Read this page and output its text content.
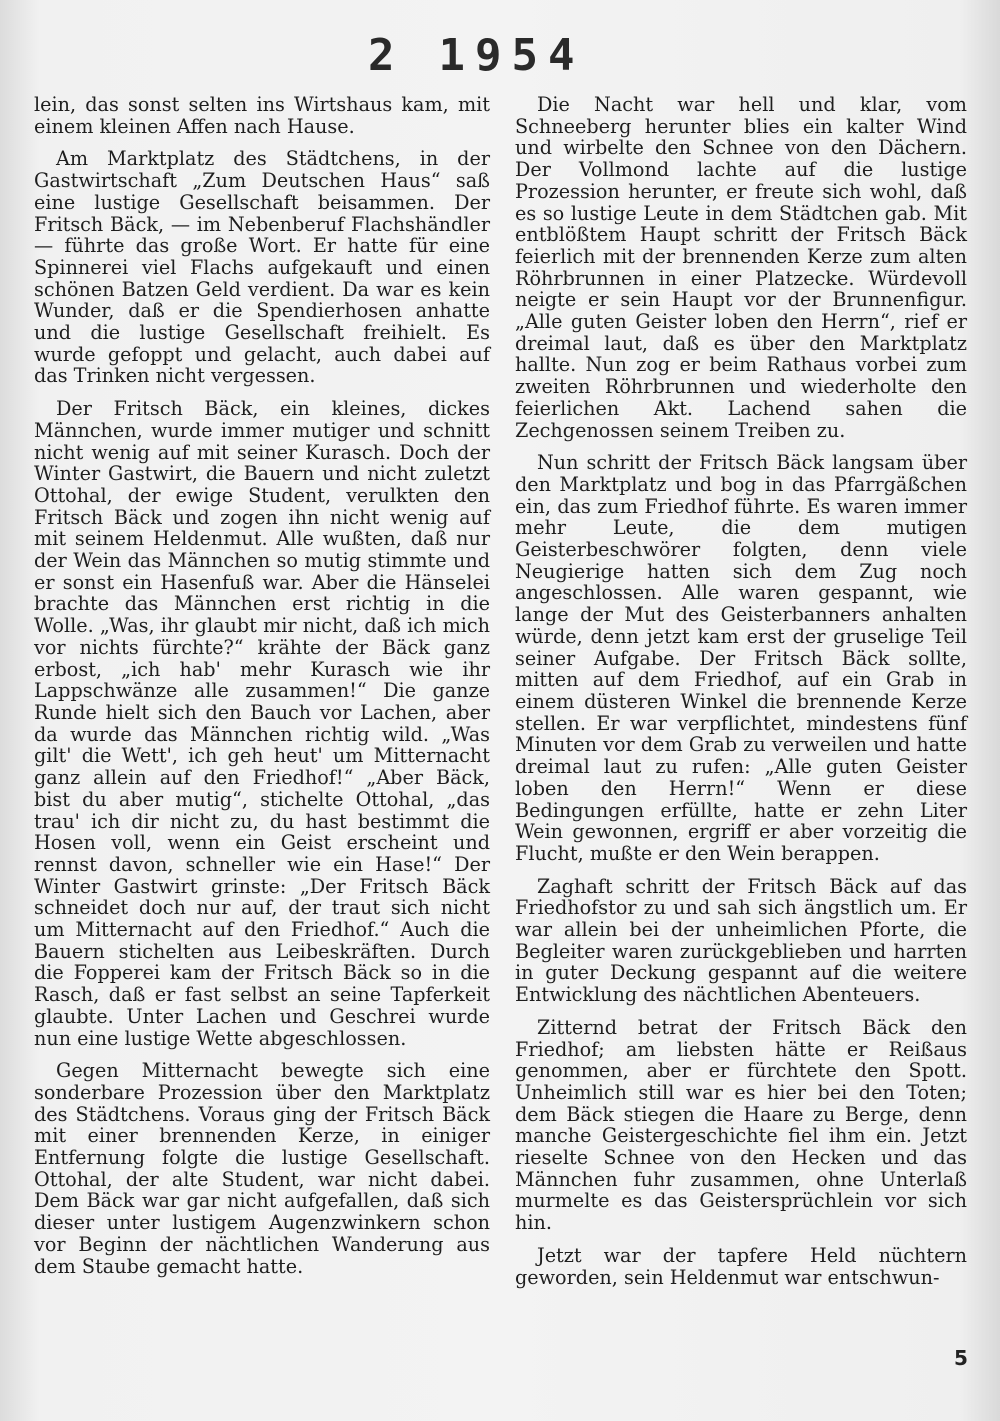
2 1954

lein, das sonst selten ins Wirtshaus kam, mit einem kleinen Affen nach Hause.

Am Marktplatz des Städtchens, in der Gastwirtschaft „Zum Deutschen Haus“ saß eine lustige Gesellschaft beisammen. Der Fritsch Bäck, — im Nebenberuf Flachshändler — führte das große Wort. Er hatte für eine Spinnerei viel Flachs aufgekauft und einen schönen Batzen Geld verdient. Da war es kein Wunder, daß er die Spendierhosen anhatte und die lustige Gesellschaft freihielt. Es wurde gefoppt und gelacht, auch dabei auf das Trinken nicht vergessen.

Der Fritsch Bäck, ein kleines, dickes Männchen, wurde immer mutiger und schnitt nicht wenig auf mit seiner Kurasch. Doch der Winter Gastwirt, die Bauern und nicht zuletzt Ottohal, der ewige Student, verulkten den Fritsch Bäck und zogen ihn nicht wenig auf mit seinem Heldenmut. Alle wußten, daß nur der Wein das Männchen so mutig stimmte und er sonst ein Hasenfuß war. Aber die Hänselei brachte das Männchen erst richtig in die Wolle. „Was, ihr glaubt mir nicht, daß ich mich vor nichts fürchte?“ krähte der Bäck ganz erbost, „ich hab' mehr Kurasch wie ihr Lappschwänze alle zusammen!“ Die ganze Runde hielt sich den Bauch vor Lachen, aber da wurde das Männchen richtig wild. „Was gilt' die Wett', ich geh heut' um Mitternacht ganz allein auf den Friedhof!“ „Aber Bäck, bist du aber mutig“, stichelte Ottohal, „das trau' ich dir nicht zu, du hast bestimmt die Hosen voll, wenn ein Geist erscheint und rennst davon, schneller wie ein Hase!“ Der Winter Gastwirt grinste: „Der Fritsch Bäck schneidet doch nur auf, der traut sich nicht um Mitternacht auf den Friedhof.“ Auch die Bauern stichelten aus Leibeskräften. Durch die Fopperei kam der Fritsch Bäck so in die Rasch, daß er fast selbst an seine Tapferkeit glaubte. Unter Lachen und Geschrei wurde nun eine lustige Wette abgeschlossen.

Gegen Mitternacht bewegte sich eine sonderbare Prozession über den Marktplatz des Städtchens. Voraus ging der Fritsch Bäck mit einer brennenden Kerze, in einiger Entfernung folgte die lustige Gesellschaft. Ottohal, der alte Student, war nicht dabei. Dem Bäck war gar nicht aufgefallen, daß sich dieser unter lustigem Augenzwinkern schon vor Beginn der nächtlichen Wanderung aus dem Staube gemacht hatte.

Die Nacht war hell und klar, vom Schneeberg herunter blies ein kalter Wind und wirbelte den Schnee von den Dächern. Der Vollmond lachte auf die lustige Prozession herunter, er freute sich wohl, daß es so lustige Leute in dem Städtchen gab. Mit entblößtem Haupt schritt der Fritsch Bäck feierlich mit der brennenden Kerze zum alten Röhrbrunnen in einer Platzecke. Würdevoll neigte er sein Haupt vor der Brunnenfigur. „Alle guten Geister loben den Herrn“, rief er dreimal laut, daß es über den Marktplatz hallte. Nun zog er beim Rathaus vorbei zum zweiten Röhrbrunnen und wiederholte den feierlichen Akt. Lachend sahen die Zechgenossen seinem Treiben zu.

Nun schritt der Fritsch Bäck langsam über den Marktplatz und bog in das Pfarrgäßchen ein, das zum Friedhof führte. Es waren immer mehr Leute, die dem mutigen Geisterbeschwörer folgten, denn viele Neugierige hatten sich dem Zug noch angeschlossen. Alle waren gespannt, wie lange der Mut des Geisterbanners anhalten würde, denn jetzt kam erst der gruselige Teil seiner Aufgabe. Der Fritsch Bäck sollte, mitten auf dem Friedhof, auf ein Grab in einem düsteren Winkel die brennende Kerze stellen. Er war verpflichtet, mindestens fünf Minuten vor dem Grab zu verweilen und hatte dreimal laut zu rufen: „Alle guten Geister loben den Herrn!“ Wenn er diese Bedingungen erfüllte, hatte er zehn Liter Wein gewonnen, ergriff er aber vorzeitig die Flucht, mußte er den Wein berappen.

Zaghaft schritt der Fritsch Bäck auf das Friedhofstor zu und sah sich ängstlich um. Er war allein bei der unheimlichen Pforte, die Begleiter waren zurückgeblieben und harrten in guter Deckung gespannt auf die weitere Entwicklung des nächtlichen Abenteuers.

Zitternd betrat der Fritsch Bäck den Friedhof; am liebsten hätte er Reißaus genommen, aber er fürchtete den Spott. Unheimlich still war es hier bei den Toten; dem Bäck stiegen die Haare zu Berge, denn manche Geistergeschichte fiel ihm ein. Jetzt rieselte Schnee von den Hecken und das Männchen fuhr zusammen, ohne Unterlaß murmelte es das Geistersprüchlein vor sich hin.

Jetzt war der tapfere Held nüchtern geworden, sein Heldenmut war entschwun-

5
